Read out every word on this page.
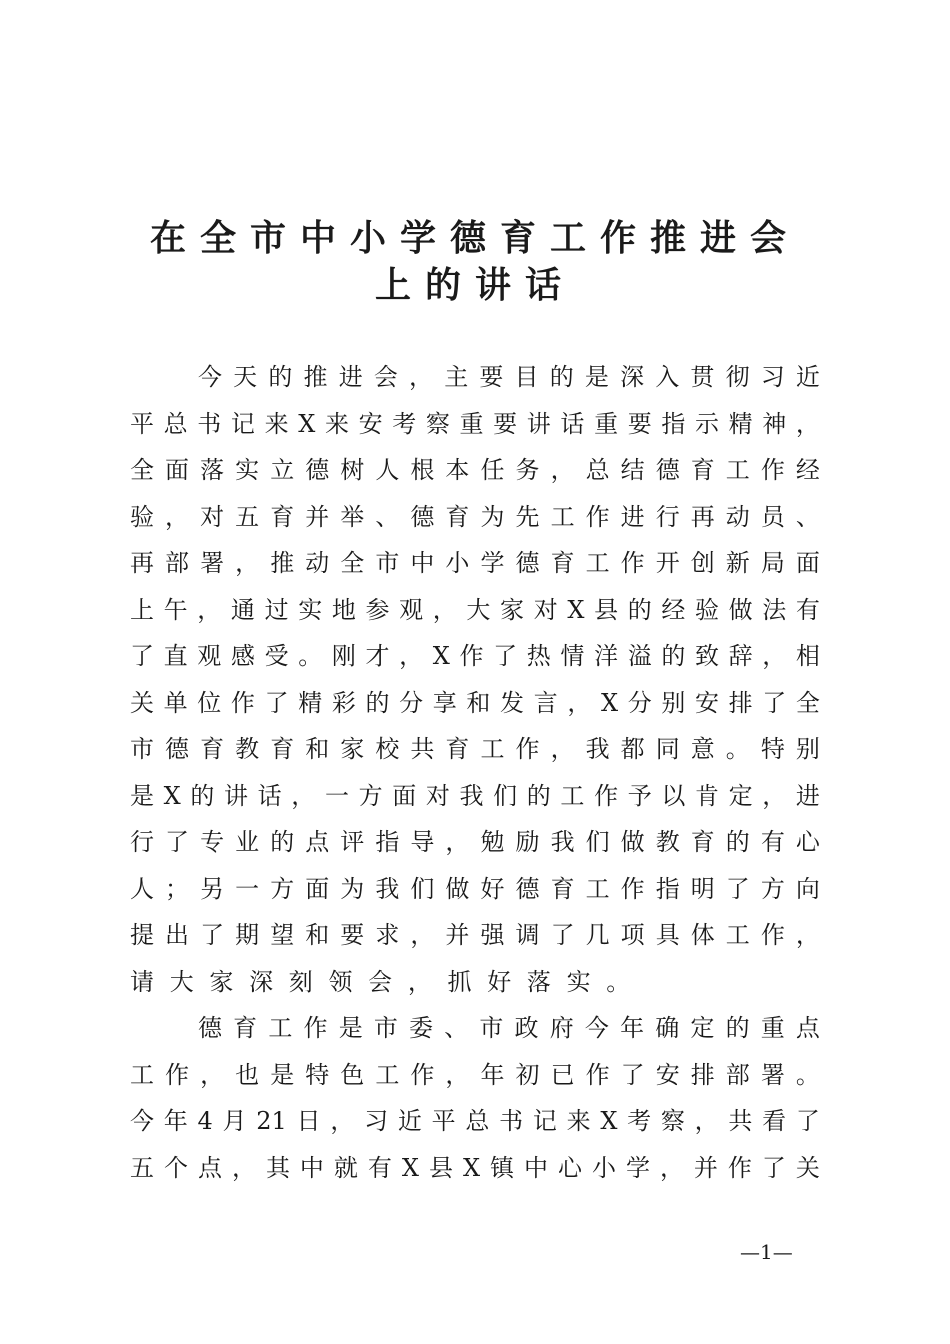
在全市中小学德育工作推进会
上的讲话
今 天 的 推 进 会 ， 主 要 目 的 是 深 入 贯 彻 习 近
平 总 书 记 来 X 来 安 考 察 重 要 讲 话 重 要 指 示 精 神 ，
全 面 落 实 立 德 树 人 根 本 任 务 ， 总 结 德 育 工 作 经
验 ， 对 五 育 并 举 、 德 育 为 先 工 作 进 行 再 动 员 、
再 部 署 ， 推 动 全 市 中 小 学 德 育 工 作 开 创 新 局 面
上 午 ， 通 过 实 地 参 观 ， 大 家 对 X 县 的 经 验 做 法 有
了 直 观 感 受 。 刚 才 ， X 作 了 热 情 洋 溢 的 致 辞 ， 相
关 单 位 作 了 精 彩 的 分 享 和 发 言 ， X 分 别 安 排 了 全
市 德 育 教 育 和 家 校 共 育 工 作 ， 我 都 同 意 。 特 别
是 X 的 讲 话 ， 一 方 面 对 我 们 的 工 作 予 以 肯 定 ， 进
行 了 专 业 的 点 评 指 导 ， 勉 励 我 们 做 教 育 的 有 心
人 ； 另 一 方 面 为 我 们 做 好 德 育 工 作 指 明 了 方 向
提 出 了 期 望 和 要 求 ， 并 强 调 了 几 项 具 体 工 作 ，
请 大 家 深 刻 领 会 ， 抓 好 落 实 。
德 育 工 作 是 市 委 、 市 政 府 今 年 确 定 的 重 点
工 作 ， 也 是 特 色 工 作 ， 年 初 已 作 了 安 排 部 署 。
今 年 4 月 21 日 ， 习 近 平 总 书 记 来 X 考 察 ， 共 看 了
五 个 点 ， 其 中 就 有 X 县 X 镇 中 心 小 学 ， 并 作 了 关
—1—
